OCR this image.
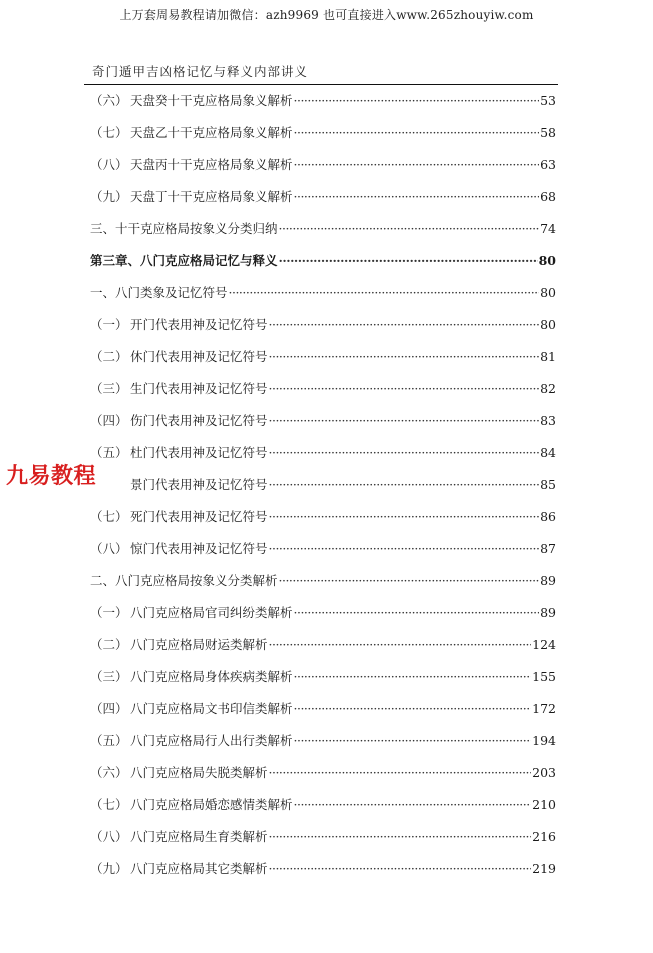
上万套周易教程请加微信：azh9969 也可直接进入www.265zhouyiw.com
奇门遁甲吉凶格记忆与释义内部讲义
（六） 天盘癸十干克应格局象义解析 ·····	53
（七） 天盘乙十干克应格局象义解析 ·····	58
（八） 天盘丙十干克应格局象义解析 ·····	63
（九） 天盘丁十干克应格局象义解析 ·····	68
三、十干克应格局按象义分类归纳 ·····	74
第三章、八门克应格局记忆与释义 ·····	80
一、八门类象及记忆符号 ·····	80
（一） 开门代表用神及记忆符号 ·····	80
（二） 休门代表用神及记忆符号 ·····	81
（三） 生门代表用神及记忆符号 ·····	82
（四） 伤门代表用神及记忆符号 ·····	83
（五） 杜门代表用神及记忆符号 ·····	84
景门代表用神及记忆符号 ·····	85
（七） 死门代表用神及记忆符号 ·····	86
（八） 惊门代表用神及记忆符号 ·····	87
二、八门克应格局按象义分类解析 ·····	89
（一） 八门克应格局官司纠纷类解析 ·····	89
（二） 八门克应格局财运类解析 ·····	124
（三） 八门克应格局身体疾病类解析 ·····	155
（四） 八门克应格局文书印信类解析 ·····	172
（五） 八门克应格局行人出行类解析 ·····	194
（六） 八门克应格局失脱类解析 ·····	203
（七） 八门克应格局婚恋感情类解析 ·····	210
（八） 八门克应格局生育类解析 ·····	216
（九） 八门克应格局其它类解析 ·····	219
九易教程
